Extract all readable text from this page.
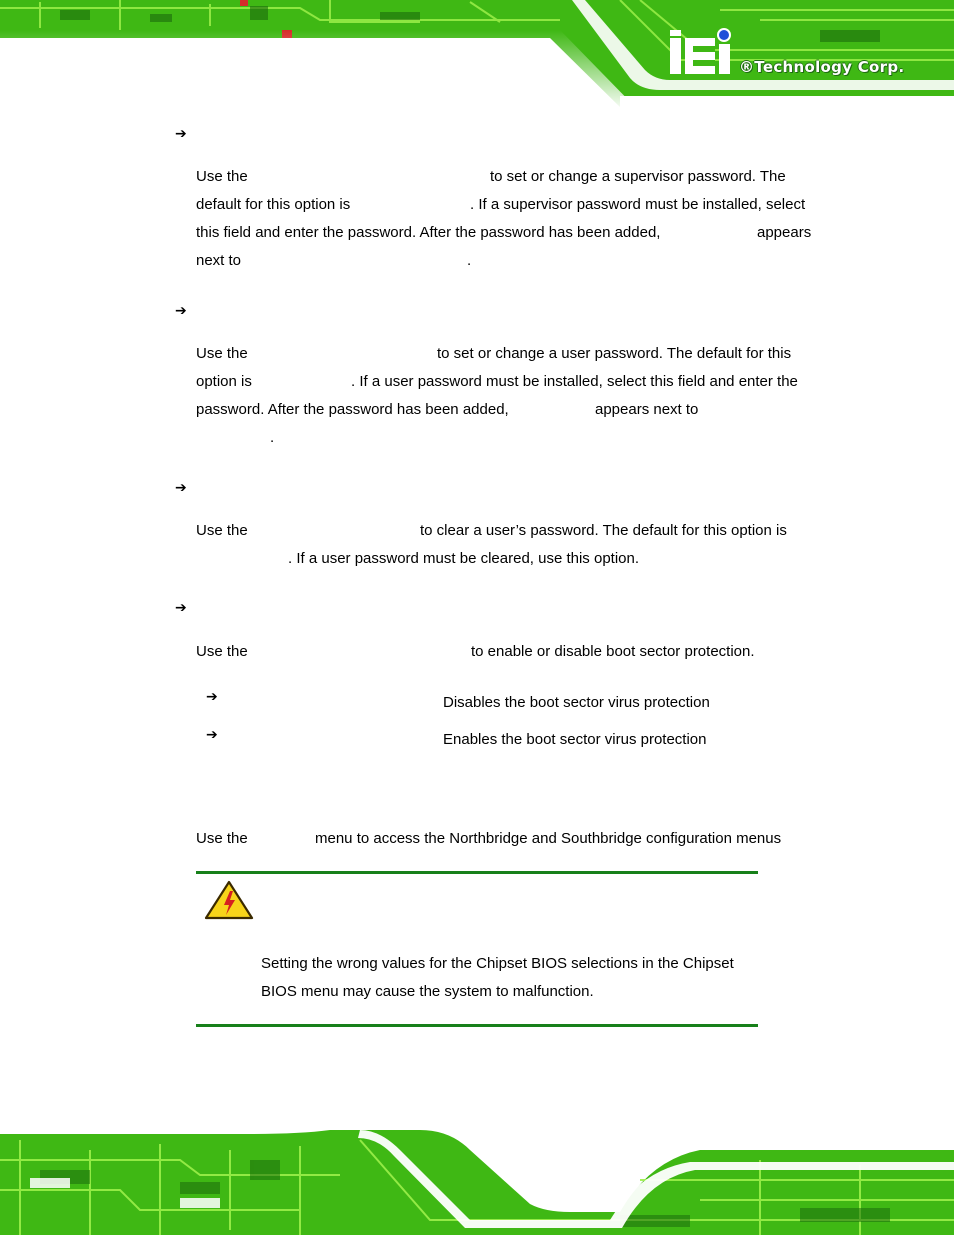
®Technology Corp.
➔
Use the	to set or change a supervisor password. The
default for this option is	. If a supervisor password must be installed, select
this field and enter the password. After the password has been added,	appears
next to	.
➔
Use the	to set or change a user password. The default for this
option is	. If a user password must be installed, select this field and enter the
password. After the password has been added,	appears next to
.
➔
Use the	to clear a user’s password. The default for this option is
. If a user password must be cleared, use this option.
➔
Use the	to enable or disable boot sector protection.
➔	Disables the boot sector virus protection
➔	Enables the boot sector virus protection
Use the	menu to access the Northbridge and Southbridge configuration menus
Setting the wrong values for the Chipset BIOS selections in the Chipset
BIOS menu may cause the system to malfunction.
